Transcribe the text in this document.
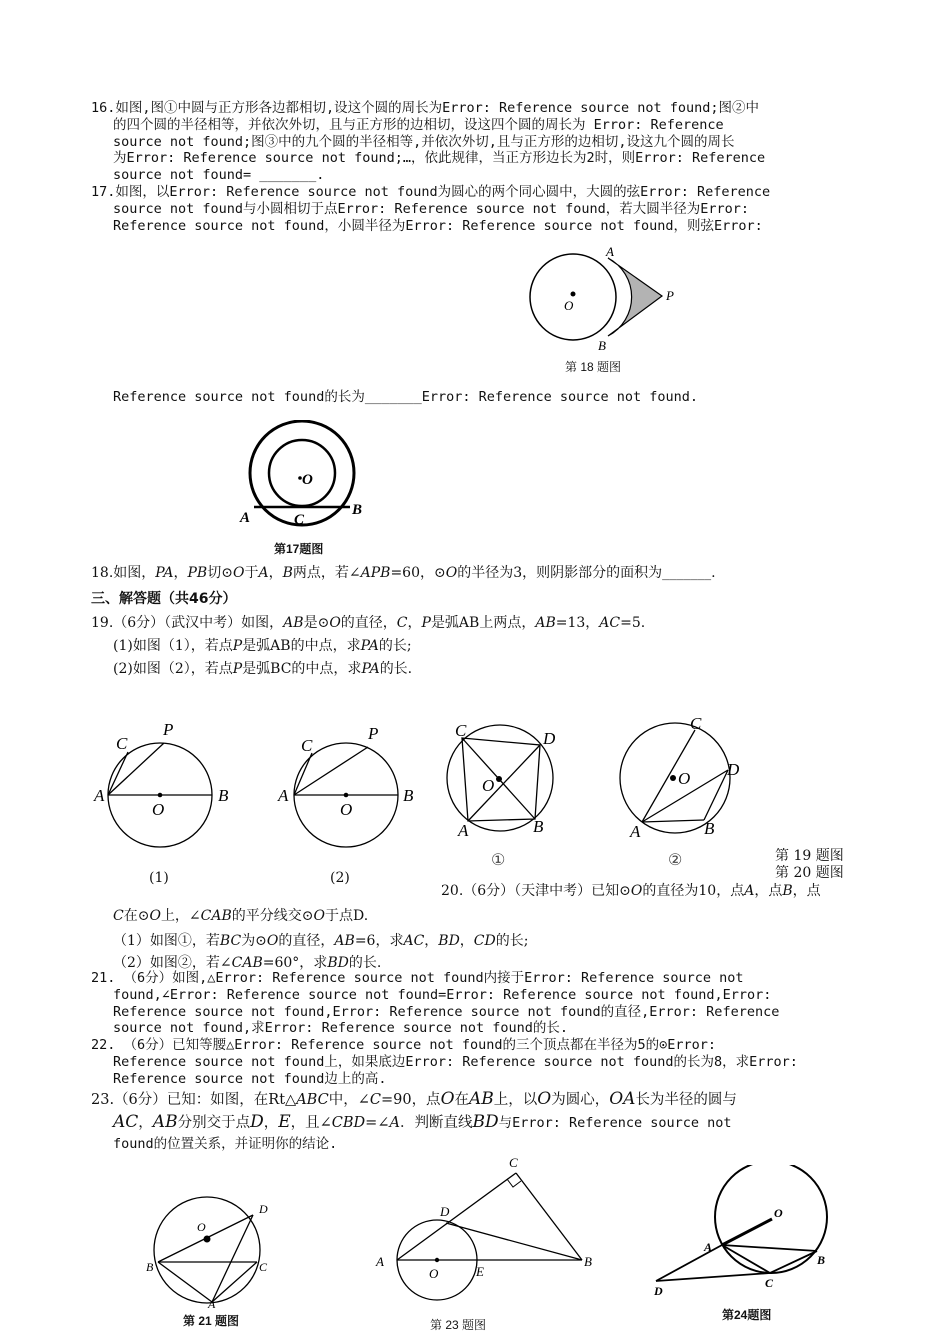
16.如图,图①中圆与正方形各边都相切,设这个圆的周长为Error: Reference source not found;图②中
的四个圆的半径相等，并依次外切，且与正方形的边相切，设这四个圆的周长为 Error: Reference
source not found;图③中的九个圆的半径相等,并依次外切,且与正方形的边相切,设这九个圆的周长
为Error: Reference source not found;…，依此规律，当正方形边长为2时，则Error: Reference
source not found= _______.
17.如图，以Error: Reference source not found为圆心的两个同心圆中，大圆的弦Error: Reference
source not found与小圆相切于点Error: Reference source not found，若大圆半径为Error:
Reference source not found，小圆半径为Error: Reference source not found，则弦Error:
O
A
P
B
第 18 题图
Reference source not found的长为_______Error: Reference source not found.
O
A	C
B
第17题图
18.如图，PA，PB切⊙O于A，B两点，若∠APB=60，⊙O的半径为3，则阴影部分的面积为_______.
三、解答题（共46分）
19.（6分）（武汉中考）如图，AB是⊙O的直径，C，P是弧AB上两点，AB=13，AC=5.
(1)如图（1），若点P是弧AB的中点，求PA的长;
(2)如图（2），若点P是弧BC的中点，求PA的长.
A	B
C
P
O
(1)
A	B
C
P
O
(2)
C	D
O
A	B
①
C
D
O
A	B
②	第 19 题图
第 20 题图
20.（6分）（天津中考）已知⊙O的直径为10，点A，点B，点
C在⊙O上，∠CAB的平分线交⊙O于点D.
（1）如图①，若BC为⊙O的直径，AB=6，求AC，BD，CD的长;
（2）如图②，若∠CAB=60°，求BD的长.
21. （6分）如图,△Error: Reference source not found内接于Error: Reference source not
found,∠Error: Reference source not found=Error: Reference source not found,Error:
Reference source not found,Error: Reference source not found的直径,Error: Reference
source not found,求Error: Reference source not found的长.
22. （6分）已知等腰△Error: Reference source not found的三个顶点都在半径为5的⊙Error:
Reference source not found上，如果底边Error: Reference source not found的长为8，求Error:
Reference source not found边上的高.
23.（6分）已知：如图，在Rt△ABC中，∠C=90，点O在AB上，以O为圆心，OA长为半径的圆与
AC，AB分别交于点D，E，且∠CBD=∠A．判断直线BD与Error: Reference source not
found的位置关系，并证明你的结论.
O
D
B	C
A
第 21 题图
C
D
A
O	E
B
第 23 题图
O
A
B
C
D
第24题图
